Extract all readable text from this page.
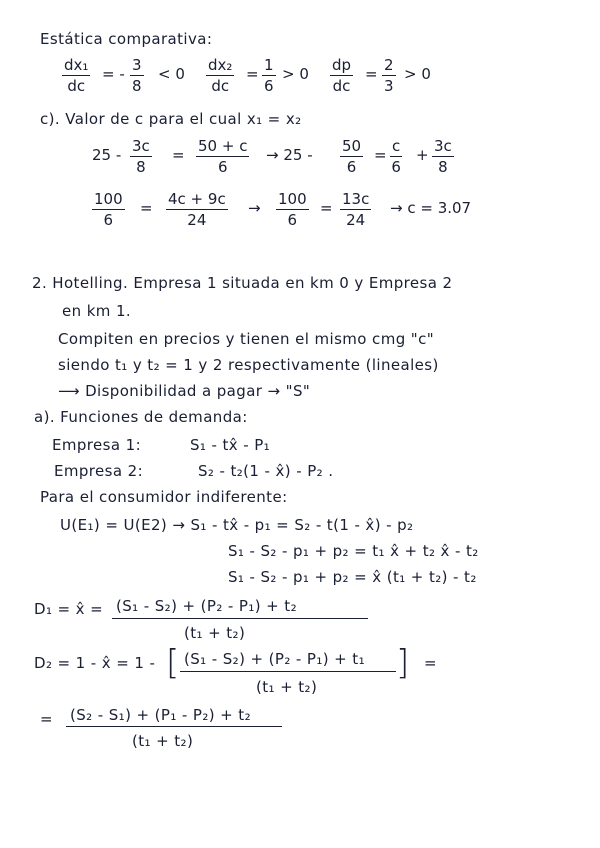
Estática comparativa:
$\frac{\text{dx₁}}{dc}$ = - $\frac{3}{8} < 0 \frac{\text{dx₂}}{dc} = \frac{1}{6} > 0 \frac{dp}{dc} = \frac{2}{3} > 0$
c). Valor de c para el cual x₁ = x₂
$25 - \frac{3c}{8} = \frac{50 + c}{6} \to 25 - \frac{50}{6} = \frac{c}{6} + \frac{3c}{8}$
$\frac{100}{6} = \frac{4c + 9c}{24} \to \frac{100}{6} = \frac{13c}{24} \to c = 3.07$
2. Hotelling. Empresa 1 situada en km 0 y Empresa 2
en km 1.
Compiten en precios y tienen el mismo cmg "c"
siendo t₁ y t₂ = 1 y 2 respectivamente (lineales)
⟶ Disponibilidad a pagar → "S"
a). Funciones de demanda:
Empresa 1:	S₁ - tx̂ - P₁
Empresa 2:	S₂ - t₂(1 - x̂) - P₂ .
Para el consumidor indiferente:
U(E₁) = U(E2) → S₁ - tx̂ - p₁ = S₂ - t(1 - x̂) - p₂
S₁ - S₂ - p₁ + p₂ = t₁ x̂ + t₂ x̂ - t₂
S₁ - S₂ - p₁ + p₂ = x̂ (t₁ + t₂) - t₂
D₁ = x̂ = (S₁ - S₂) + (P₂ - P₁) + t₂
(t₁ + t₂)
D₂ = 1 - x̂ = 1 - [ (S₁ - S₂) + (P₂ - P₁) + t₁
(t₁ + t₂)
] =
= (S₂ - S₁) + (P₁ - P₂) + t₂
(t₁ + t₂)
